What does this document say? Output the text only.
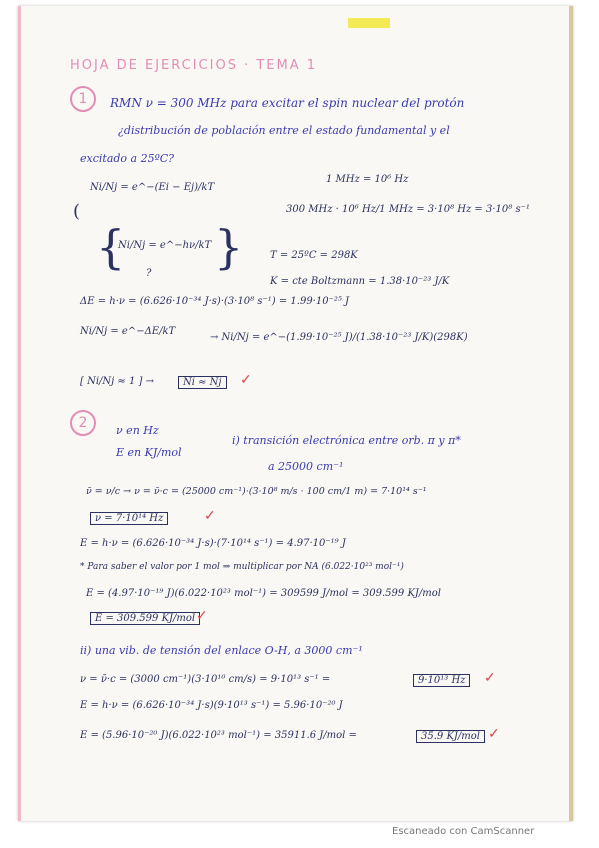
HOJA DE EJERCICIOS · TEMA 1
1	RMN ν = 300 MHz para excitar el spin nuclear del protón
¿distribución de población entre el estado fundamental y el
excitado a 25ºC?
Ni/Nj = e^−(Ei − Ej)/kT
1 MHz = 10⁶ Hz
300 MHz · 10⁶ Hz/1 MHz = 3·10⁸ Hz = 3·10⁸ s⁻¹
(
{
Ni/Nj = e^−hν/kT
? }	T = 25ºC = 298K
K = cte Boltzmann = 1.38·10⁻²³ J/K
ΔE = h·ν = (6.626·10⁻³⁴ J·s)·(3·10⁸ s⁻¹) = 1.99·10⁻²⁵ J
Ni/Nj = e^−ΔE/kT
→ Ni/Nj = e^−(1.99·10⁻²⁵ J)/(1.38·10⁻²³ J/K)(298K)
[ Ni/Nj ≈ 1 ] →	Ni ≈ Nj	✓
2	ν en Hz
E en KJ/mol
i) transición electrónica entre orb. π y π*
a 25000 cm⁻¹
ν̄ = ν/c → ν = ν̄·c = (25000 cm⁻¹)·(3·10⁸ m/s · 100 cm/1 m) = 7·10¹⁴ s⁻¹
ν = 7·10¹⁴ Hz	✓
E = h·ν = (6.626·10⁻³⁴ J·s)·(7·10¹⁴ s⁻¹) = 4.97·10⁻¹⁹ J
* Para saber el valor por 1 mol ⇒ multiplicar por NA (6.022·10²³ mol⁻¹)
E = (4.97·10⁻¹⁹ J)(6.022·10²³ mol⁻¹) = 309599 J/mol = 309.599 KJ/mol
E = 309.599 KJ/mol ✓
ii) una vib. de tensión del enlace O-H, a 3000 cm⁻¹
ν = ν̄·c = (3000 cm⁻¹)(3·10¹⁰ cm/s) = 9·10¹³ s⁻¹ =	9·10¹³ Hz	✓
E = h·ν = (6.626·10⁻³⁴ J·s)(9·10¹³ s⁻¹) = 5.96·10⁻²⁰ J
E = (5.96·10⁻²⁰ J)(6.022·10²³ mol⁻¹) = 35911.6 J/mol =	35.9 KJ/mol ✓
Escaneado con CamScanner
